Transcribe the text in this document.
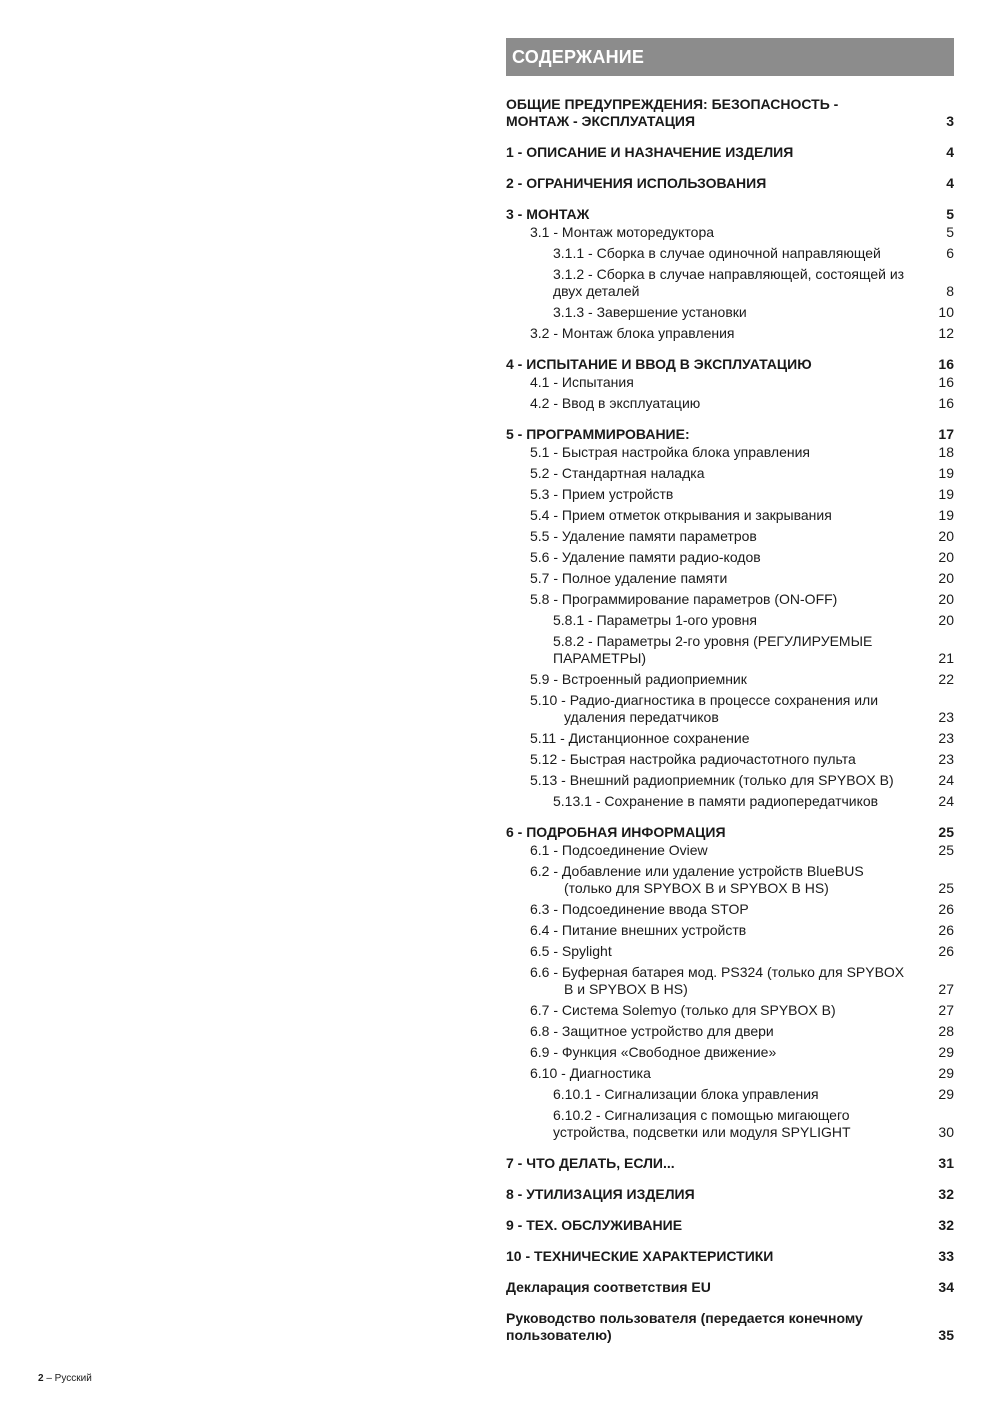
СОДЕРЖАНИЕ
ОБЩИЕ ПРЕДУПРЕЖДЕНИЯ: БЕЗОПАСНОСТЬ -
МОНТАЖ - ЭКСПЛУАТАЦИЯ	3
1 - ОПИСАНИЕ И НАЗНАЧЕНИЕ ИЗДЕЛИЯ	4
2 - ОГРАНИЧЕНИЯ ИСПОЛЬЗОВАНИЯ	4
3 - МОНТАЖ	5
3.1 - Монтаж моторедуктора	5
3.1.1 - Сборка в случае одиночной направляющей	6
3.1.2 - Сборка в случае направляющей, состоящей из двух деталей	8
3.1.3 - Завершение установки	10
3.2 - Монтаж блока управления	12
4 - ИСПЫТАНИЕ И ВВОД В ЭКСПЛУАТАЦИЮ	16
4.1 - Испытания	16
4.2 - Ввод в эксплуатацию	16
5 - ПРОГРАММИРОВАНИЕ:	17
5.1 - Быстрая настройка блока управления	18
5.2 - Стандартная наладка	19
5.3 - Прием устройств	19
5.4 - Прием отметок открывания и закрывания	19
5.5 - Удаление памяти параметров	20
5.6 - Удаление памяти радио-кодов	20
5.7 - Полное удаление памяти	20
5.8 - Программирование параметров (ON-OFF)	20
5.8.1 - Параметры 1-ого уровня	20
5.8.2 - Параметры 2-го уровня (РЕГУЛИРУЕМЫЕ ПАРАМЕТРЫ)	21
5.9 - Встроенный радиоприемник	22
5.10 - Радио-диагностика в процессе сохранения или удаления передатчиков	23
5.11 - Дистанционное сохранение	23
5.12 - Быстрая настройка радиочастотного пульта	23
5.13 - Внешний радиоприемник (только для SPYBOX B)	24
5.13.1 - Сохранение в памяти радиопередатчиков	24
6 - ПОДРОБНАЯ ИНФОРМАЦИЯ	25
6.1 - Подсоединение Oview	25
6.2 - Добавление или удаление устройств BlueBUS (только для SPYBOX B и SPYBOX B HS)	25
6.3 - Подсоединение ввода STOP	26
6.4 - Питание внешних устройств	26
6.5 - Spylight	26
6.6 - Буферная батарея мод. PS324 (только для SPYBOX B и SPYBOX B HS)	27
6.7 - Система Solemyo (только для SPYBOX B)	27
6.8 - Защитное устройство для двери	28
6.9 - Функция «Свободное движение»	29
6.10 - Диагностика	29
6.10.1 - Сигнализации блока управления	29
6.10.2 - Сигнализация с помощью мигающего устройства, подсветки или модуля SPYLIGHT	30
7 - ЧТО ДЕЛАТЬ, ЕСЛИ...	31
8 - УТИЛИЗАЦИЯ ИЗДЕЛИЯ	32
9 - ТЕХ. ОБСЛУЖИВАНИЕ	32
10 - ТЕХНИЧЕСКИЕ ХАРАКТЕРИСТИКИ	33
Декларация соответствия EU	34
Руководство пользователя (передается конечному пользователю)	35
2 – Русский
